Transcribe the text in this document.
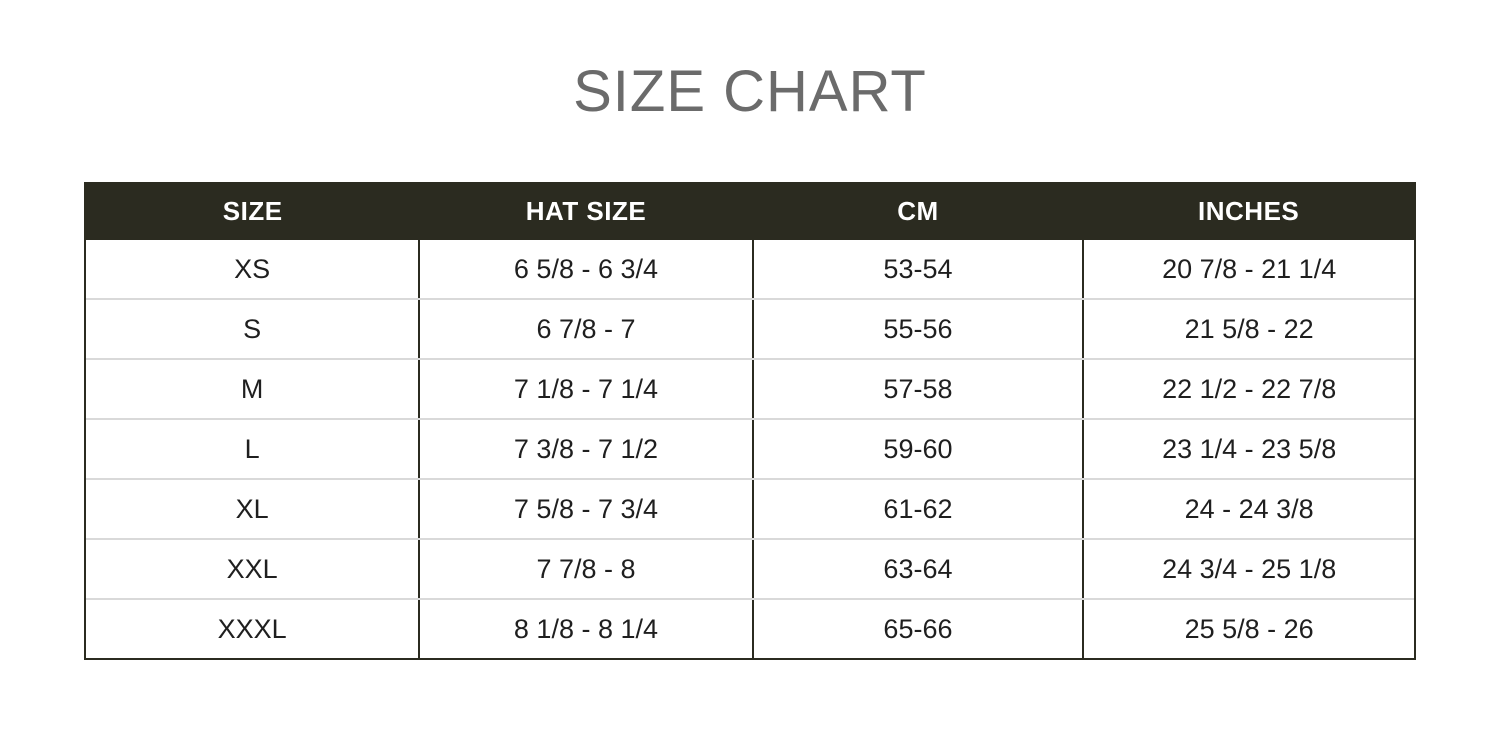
SIZE CHART
SIZE	HAT SIZE	CM	INCHES
XS	6 5/8 - 6 3/4	53-54	20 7/8 - 21 1/4
S	6 7/8 - 7	55-56	21 5/8 - 22
M	7 1/8 - 7 1/4	57-58	22 1/2 - 22 7/8
L	7 3/8 - 7 1/2	59-60	23 1/4 - 23 5/8
XL	7 5/8 - 7 3/4	61-62	24 - 24 3/8
XXL	7 7/8 - 8	63-64	24 3/4 - 25 1/8
XXXL	8 1/8 - 8 1/4	65-66	25 5/8 - 26
